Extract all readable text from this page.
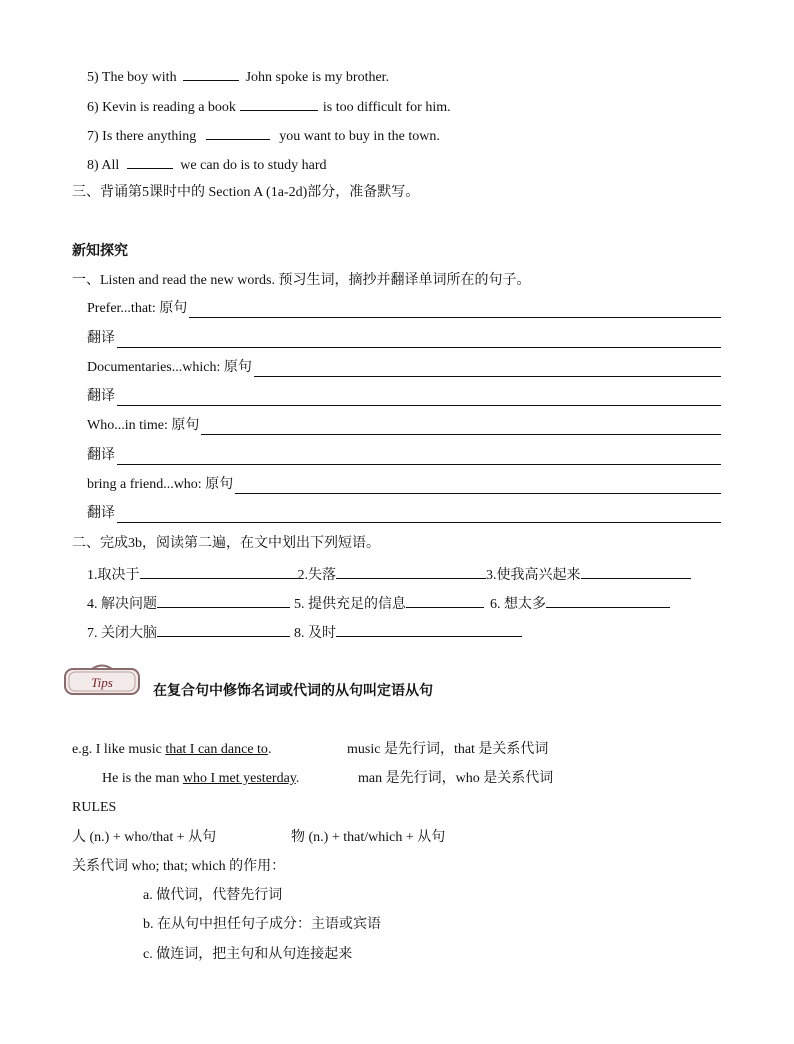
5) The boy with	John spoke is my brother.
6) Kevin is reading a book	is too difficult for him.
7) Is there anything	you want to buy in the town.
8) All	we can do is to study hard
三、背诵第5课时中的 Section A (1a-2d)部分，准备默写。
新知探究
一、Listen and read the new words. 预习生词，摘抄并翻译单词所在的句子。
Prefer...that: 原句
翻译
Documentaries...which: 原句
翻译
Who...in time: 原句
翻译
bring a friend...who: 原句
翻译
二、完成3b，阅读第二遍，在文中划出下列短语。
1.取决于	2.失落	3.使我高兴起来
4. 解决问题	5. 提供充足的信息	6. 想太多
7. 关闭大脑	8. 及时
Tips
在复合句中修饰名词或代词的从句叫定语从句
e.g. I like music that I can dance to.	music 是先行词，that 是关系代词
He is the man who I met yesterday.	man 是先行词，who 是关系代词
RULES
人 (n.) + who/that + 从句	物 (n.) + that/which + 从句
关系代词 who; that; which 的作用：
a. 做代词，代替先行词
b. 在从句中担任句子成分：主语或宾语
c. 做连词，把主句和从句连接起来
